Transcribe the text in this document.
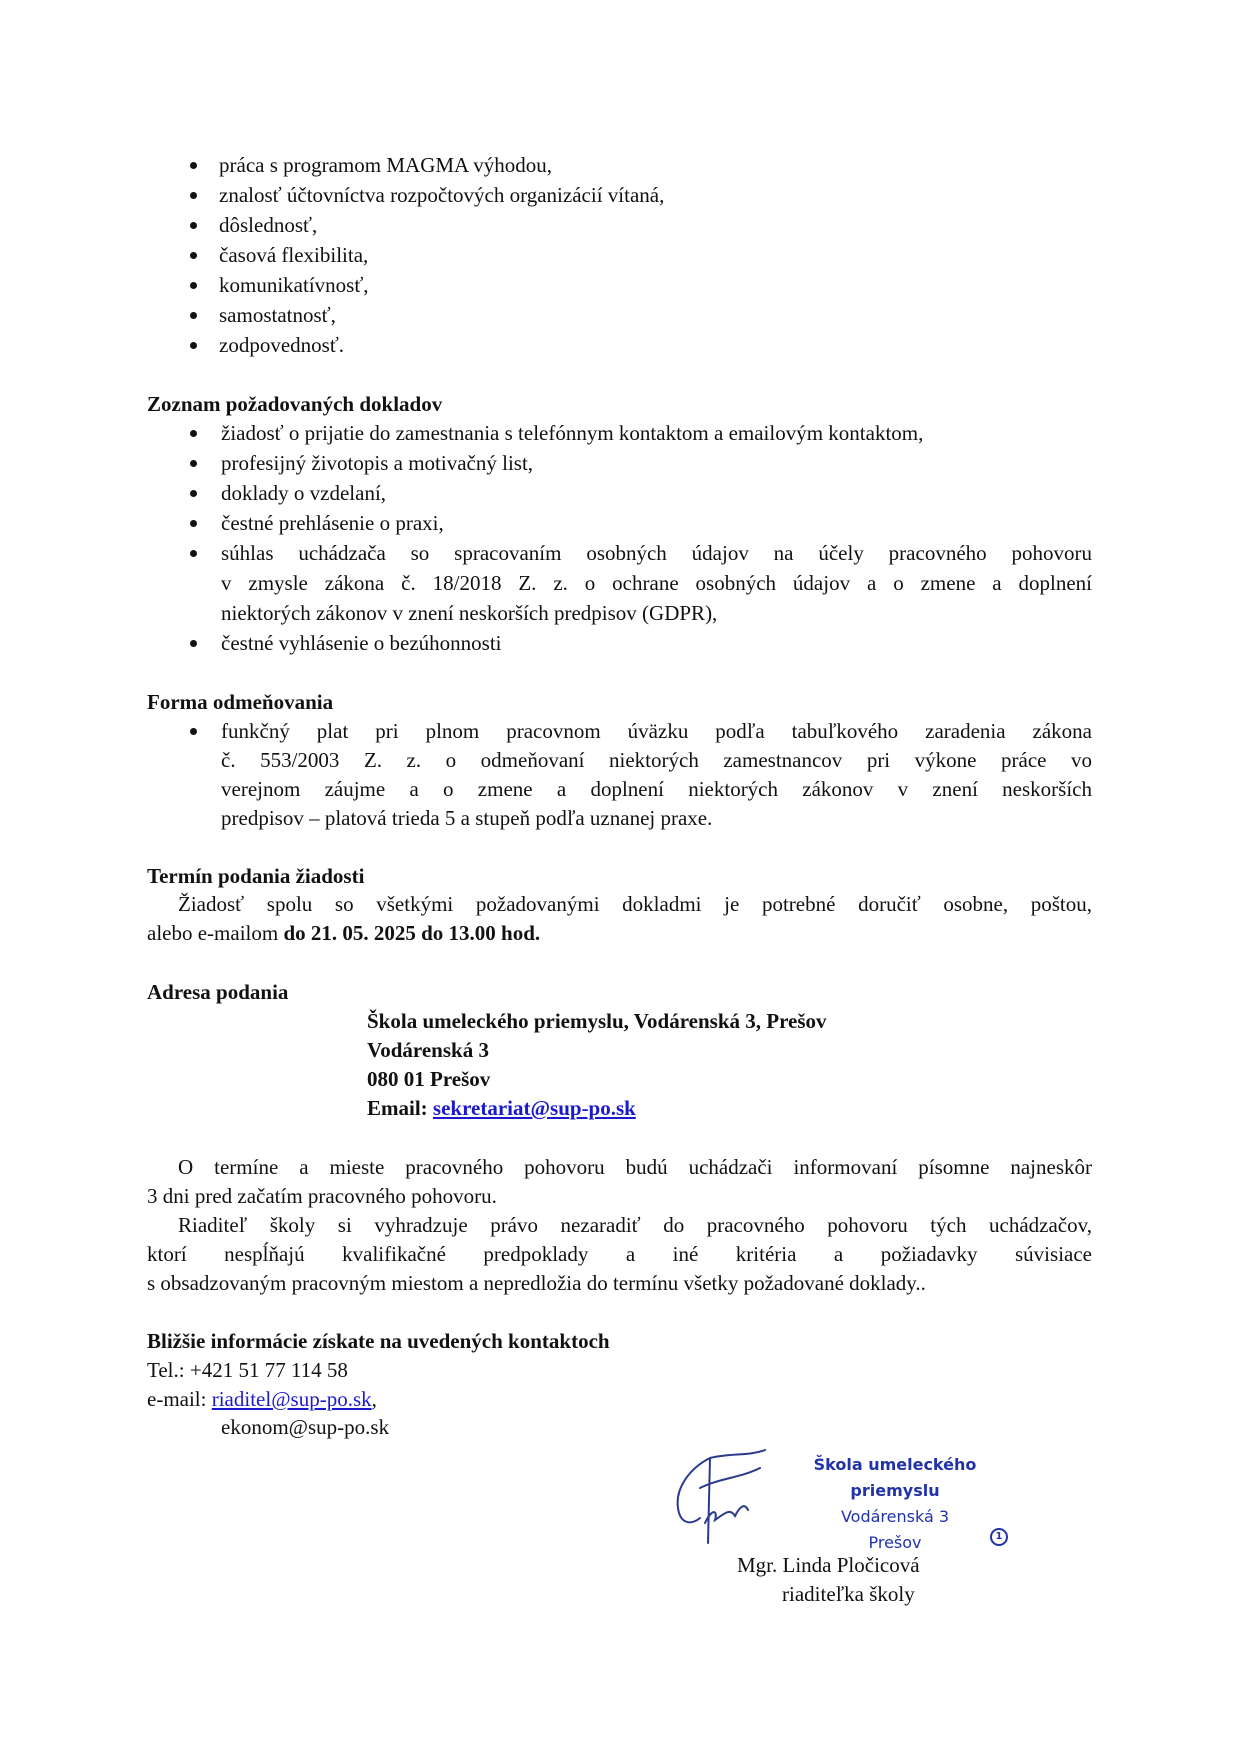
práca s programom MAGMA výhodou,
znalosť účtovníctva rozpočtových organizácií vítaná,
dôslednosť,
časová flexibilita,
komunikatívnosť,
samostatnosť,
zodpovednosť.
Zoznam požadovaných dokladov
žiadosť o prijatie do zamestnania s telefónnym kontaktom a emailovým kontaktom,
profesijný životopis a motivačný list,
doklady o vzdelaní,
čestné prehlásenie o praxi,
súhlas uchádzača so spracovaním osobných údajov na účely pracovného pohovoru
v zmysle zákona č. 18/2018 Z. z. o ochrane osobných údajov a o zmene a doplnení
niektorých zákonov v znení neskorších predpisov (GDPR),
čestné vyhlásenie o bezúhonnosti
Forma odmeňovania
funkčný plat pri plnom pracovnom úväzku podľa tabuľkového zaradenia zákona
č. 553/2003 Z. z. o odmeňovaní niektorých zamestnancov pri výkone práce vo
verejnom záujme a o zmene a doplnení niektorých zákonov v znení neskorších
predpisov – platová trieda 5 a stupeň podľa uznanej praxe.
Termín podania žiadosti
Žiadosť spolu so všetkými požadovanými dokladmi je potrebné doručiť osobne, poštou,
alebo e-mailom do 21. 05. 2025 do 13.00 hod.
Adresa podania
Škola umeleckého priemyslu, Vodárenská 3, Prešov
Vodárenská 3
080 01 Prešov
Email: sekretariat@sup-po.sk
O termíne a mieste pracovného pohovoru budú uchádzači informovaní písomne najneskôr
3 dni pred začatím pracovného pohovoru.
Riaditeľ školy si vyhradzuje právo nezaradiť do pracovného pohovoru tých uchádzačov,
ktorí nespĺňajú kvalifikačné predpoklady a iné kritéria a požiadavky súvisiace
s obsadzovaným pracovným miestom a nepredložia do termínu všetky požadované doklady..
Bližšie informácie získate na uvedených kontaktoch
Tel.: +421 51 77 114 58
e-mail: riaditel@sup-po.sk,
ekonom@sup-po.sk
Škola umeleckého priemyslu
Vodárenská 3
Prešov	1
Mgr. Linda Pločicová
riaditeľka školy
